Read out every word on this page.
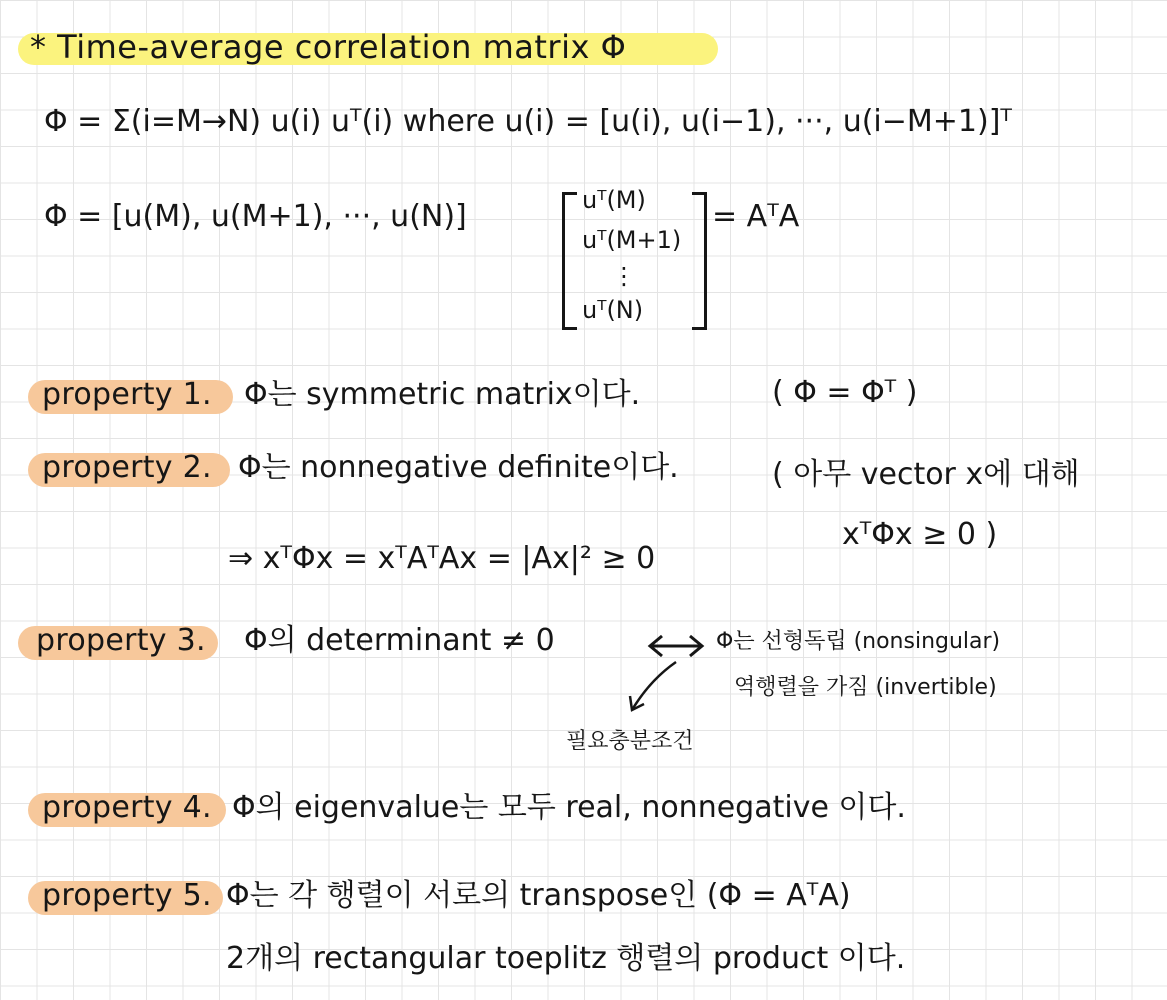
* Time-average correlation matrix Φ
Φ = Σ(i=M→N) u(i) uᵀ(i) where u(i) = [u(i), u(i−1), ···, u(i−M+1)]ᵀ
Φ = [u(M), u(M+1), ···, u(N)]	uᵀ(M)
uᵀ(M+1)
⋮
uᵀ(N)
= AᵀA
property 1. Φ는 symmetric matrix이다.	( Φ = Φᵀ )
property 2. Φ는 nonnegative definite이다.	( 아무 vector x에 대해
xᵀΦx ≥ 0 )
⇒ xᵀΦx = xᵀAᵀAx = |Ax|² ≥ 0
property 3. Φ의 determinant ≠ 0	Φ는 선형독립 (nonsingular)
역행렬을 가짐 (invertible)
필요충분조건
property 4. Φ의 eigenvalue는 모두 real, nonnegative 이다.
property 5. Φ는 각 행렬이 서로의 transpose인 (Φ = AᵀA)
2개의 rectangular toeplitz 행렬의 product 이다.
